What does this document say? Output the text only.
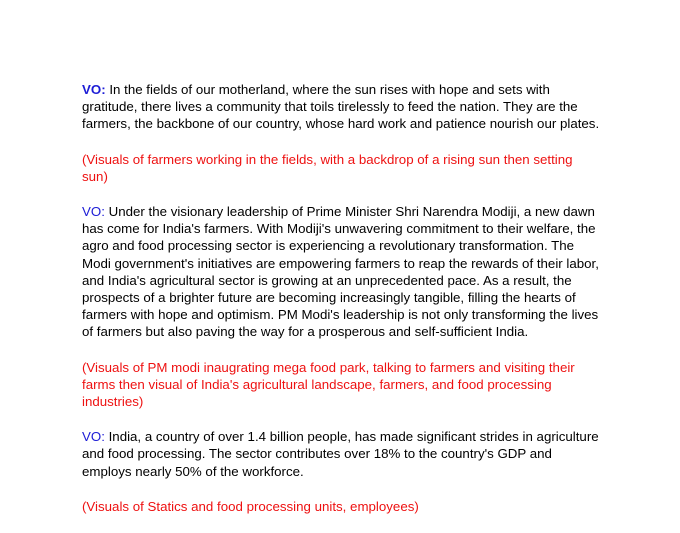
VO: In the fields of our motherland, where the sun rises with hope and sets with gratitude, there lives a community that toils tirelessly to feed the nation. They are the farmers, the backbone of our country, whose hard work and patience nourish our plates.

(Visuals of farmers working in the fields, with a backdrop of a rising sun then setting sun)

VO: Under the visionary leadership of Prime Minister Shri Narendra Modiji, a new dawn has come for India's farmers. With Modiji's unwavering commitment to their welfare, the agro and food processing sector is experiencing a revolutionary transformation. The Modi government's initiatives are empowering farmers to reap the rewards of their labor, and India's agricultural sector is growing at an unprecedented pace. As a result, the prospects of a brighter future are becoming increasingly tangible, filling the hearts of farmers with hope and optimism. PM Modi's leadership is not only transforming the lives of farmers but also paving the way for a prosperous and self-sufficient India.

(Visuals of PM modi inaugrating mega food park, talking to farmers and visiting their farms then visual of India's agricultural landscape, farmers, and food processing industries)

VO: India, a country of over 1.4 billion people, has made significant strides in agriculture and food processing. The sector contributes over 18% to the country's GDP and employs nearly 50% of the workforce.

(Visuals of Statics and food processing units, employees)
